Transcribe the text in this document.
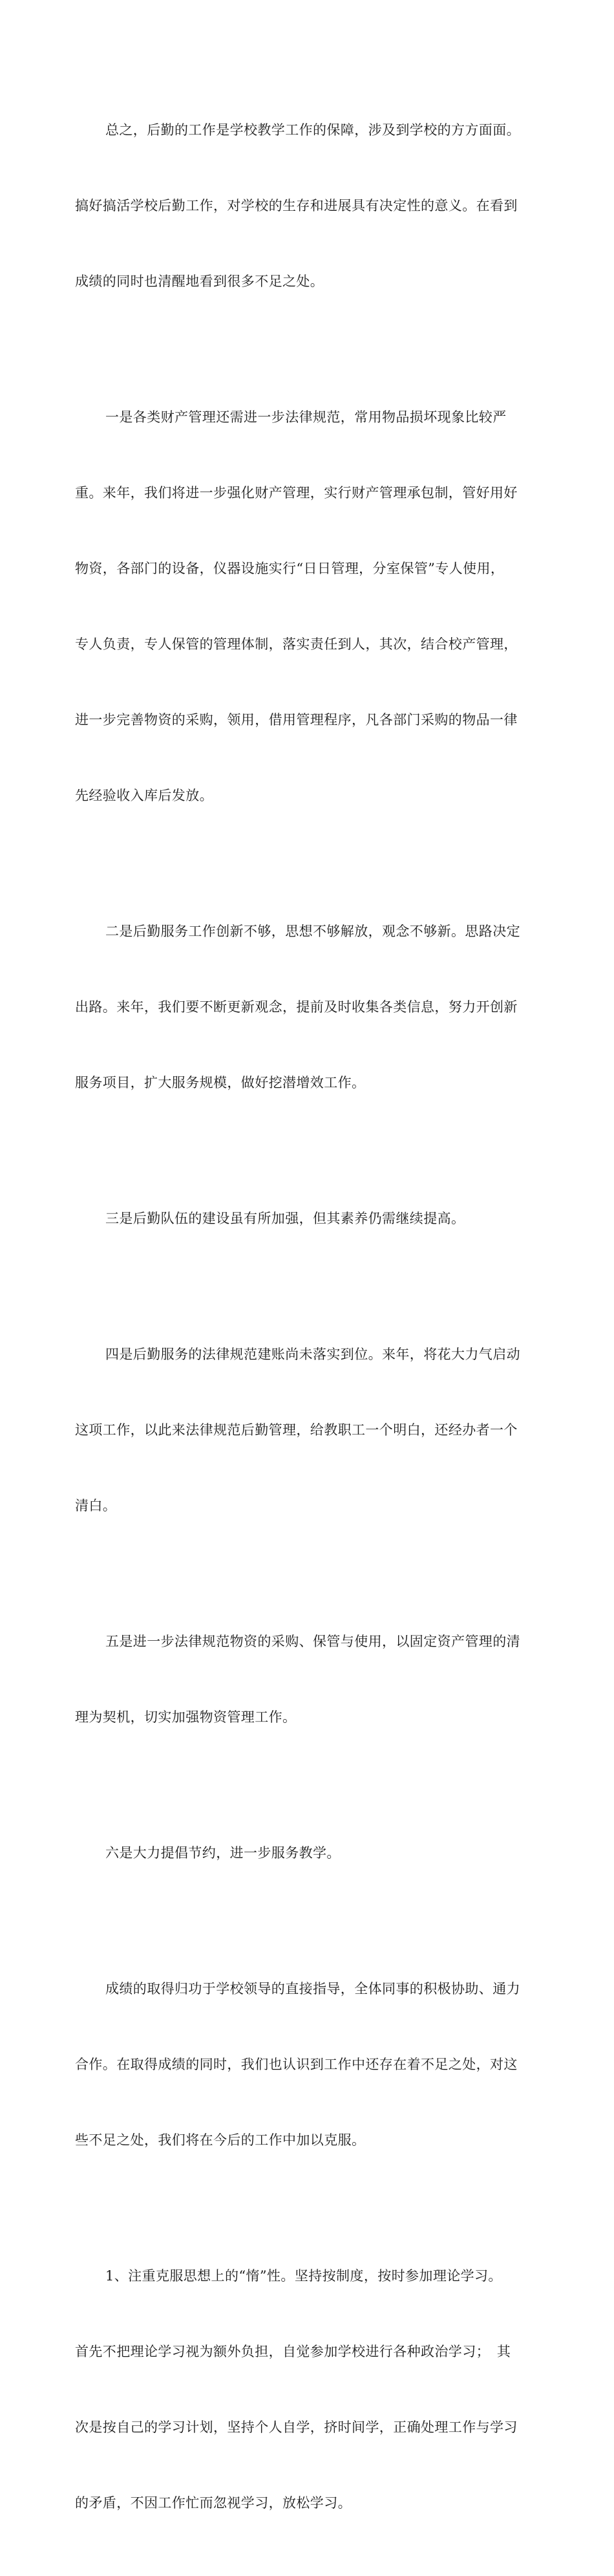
总之，后勤的工作是学校教学工作的保障，涉及到学校的方方面面。

搞好搞活学校后勤工作，对学校的生存和进展具有决定性的意义。在看到

成绩的同时也清醒地看到很多不足之处。

一是各类财产管理还需进一步法律规范，常用物品损坏现象比较严

重。来年，我们将进一步强化财产管理，实行财产管理承包制，管好用好

物资，各部门的设备，仪器设施实行“日日管理，分室保管”专人使用，

专人负责，专人保管的管理体制，落实责任到人，其次，结合校产管理，

进一步完善物资的采购，领用，借用管理程序，凡各部门采购的物品一律

先经验收入库后发放。

二是后勤服务工作创新不够，思想不够解放，观念不够新。思路决定

出路。来年，我们要不断更新观念，提前及时收集各类信息，努力开创新

服务项目，扩大服务规模，做好挖潜增效工作。

三是后勤队伍的建设虽有所加强，但其素养仍需继续提高。

四是后勤服务的法律规范建账尚未落实到位。来年，将花大力气启动

这项工作，以此来法律规范后勤管理，给教职工一个明白，还经办者一个

清白。

五是进一步法律规范物资的采购、保管与使用，以固定资产管理的清

理为契机，切实加强物资管理工作。

六是大力提倡节约，进一步服务教学。

成绩的取得归功于学校领导的直接指导，全体同事的积极协助、通力

合作。在取得成绩的同时，我们也认识到工作中还存在着不足之处，对这

些不足之处，我们将在今后的工作中加以克服。

1、注重克服思想上的“惰”性。坚持按制度，按时参加理论学习。

首先不把理论学习视为额外负担，自觉参加学校进行各种政治学习；　其

次是按自己的学习计划，坚持个人自学，挤时间学，正确处理工作与学习

的矛盾，不因工作忙而忽视学习，放松学习。
